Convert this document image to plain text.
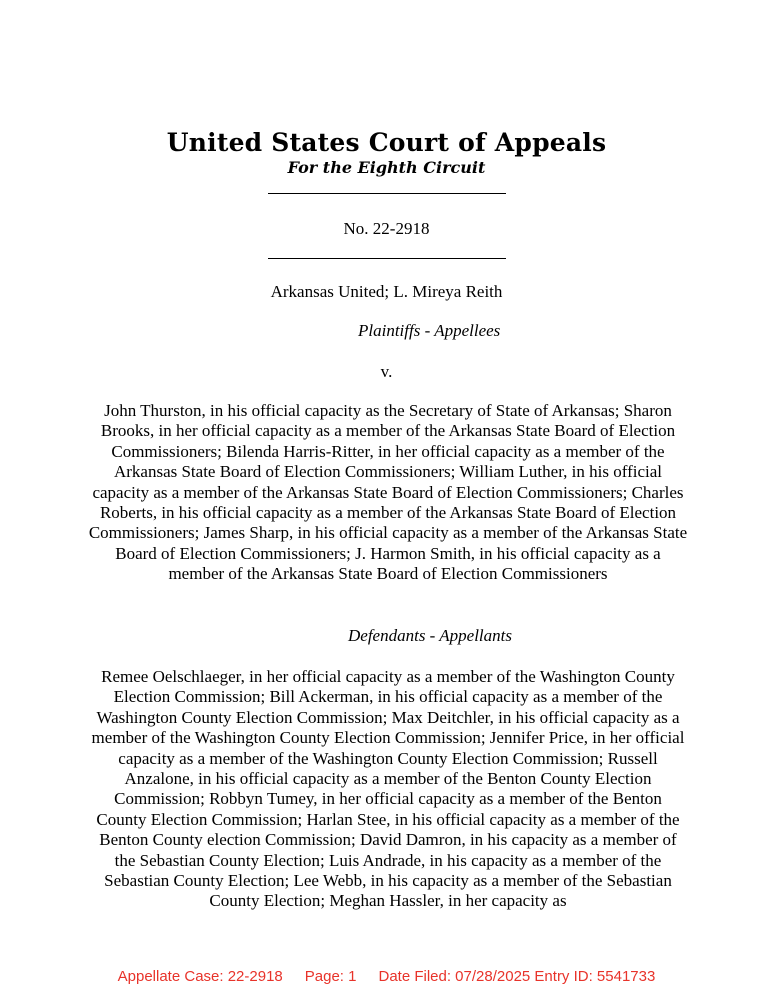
United States Court of Appeals
For the Eighth Circuit
No. 22-2918
Arkansas United; L. Mireya Reith
Plaintiffs - Appellees
v.
John Thurston, in his official capacity as the Secretary of State of Arkansas; Sharon Brooks, in her official capacity as a member of the Arkansas State Board of Election Commissioners; Bilenda Harris-Ritter, in her official capacity as a member of the Arkansas State Board of Election Commissioners; William Luther, in his official capacity as a member of the Arkansas State Board of Election Commissioners; Charles Roberts, in his official capacity as a member of the Arkansas State Board of Election Commissioners; James Sharp, in his official capacity as a member of the Arkansas State Board of Election Commissioners; J. Harmon Smith, in his official capacity as a member of the Arkansas State Board of Election Commissioners
Defendants - Appellants
Remee Oelschlaeger, in her official capacity as a member of the Washington County Election Commission; Bill Ackerman, in his official capacity as a member of the Washington County Election Commission; Max Deitchler, in his official capacity as a member of the Washington County Election Commission; Jennifer Price, in her official capacity as a member of the Washington County Election Commission; Russell Anzalone, in his official capacity as a member of the Benton County Election Commission; Robbyn Tumey, in her official capacity as a member of the Benton County Election Commission; Harlan Stee, in his official capacity as a member of the Benton County election Commission; David Damron, in his capacity as a member of the Sebastian County Election; Luis Andrade, in his capacity as a member of the Sebastian County Election; Lee Webb, in his capacity as a member of the Sebastian County Election; Meghan Hassler, in her capacity as
Appellate Case: 22-2918 Page: 1 Date Filed: 07/28/2025 Entry ID: 5541733
